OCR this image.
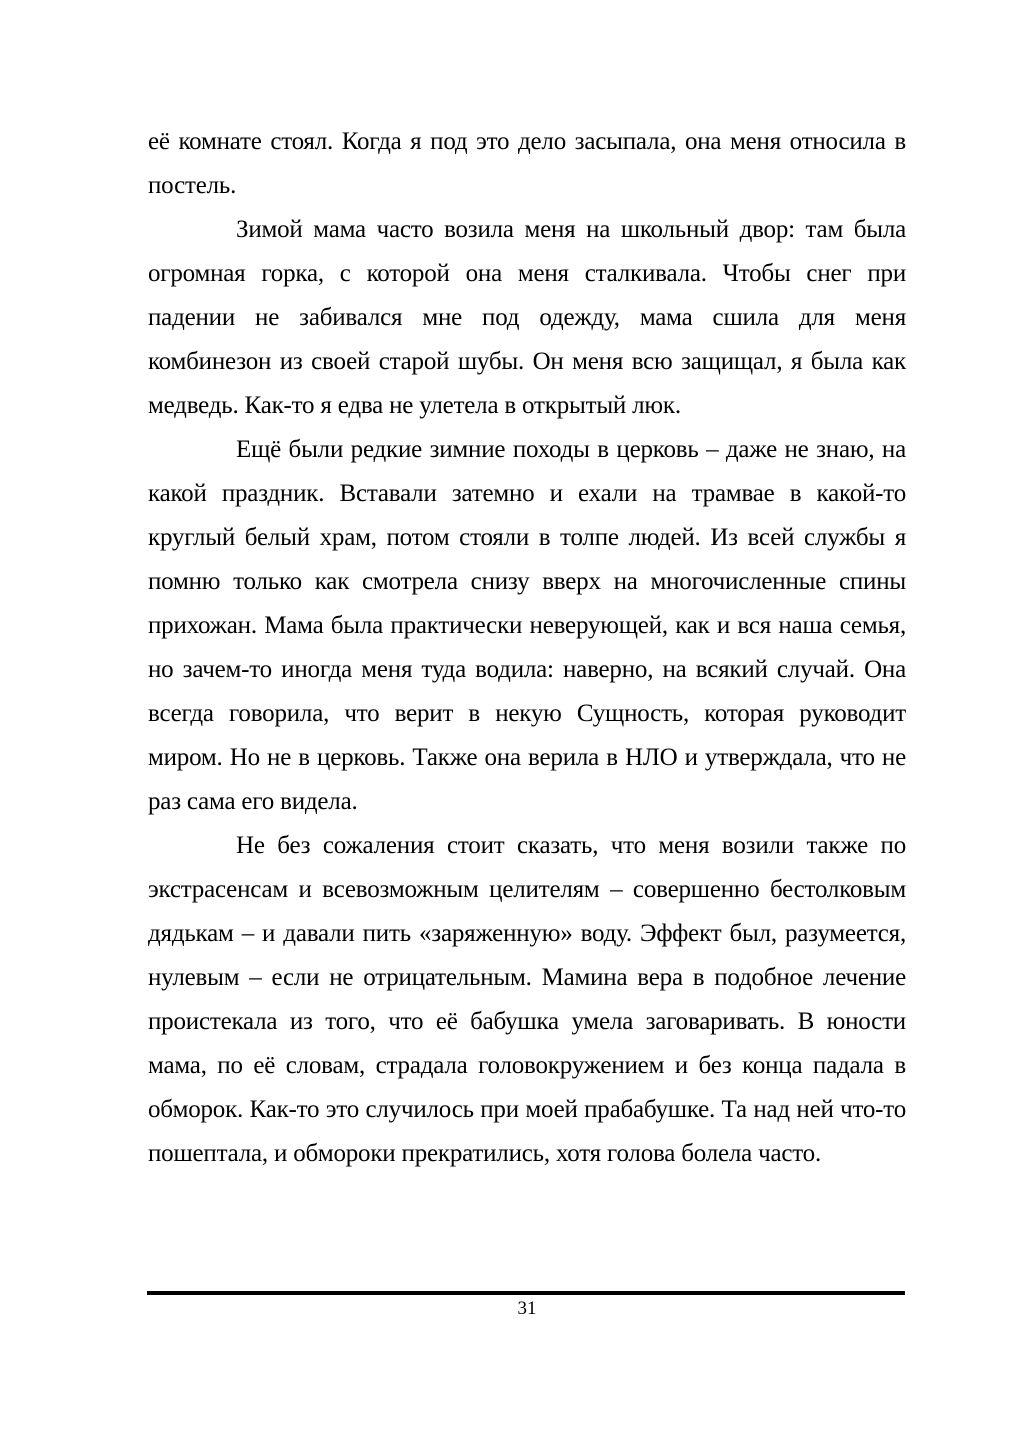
её комнате стоял. Когда я под это дело засыпала, она меня относила в постель.

Зимой мама часто возила меня на школьный двор: там была огромная горка, с которой она меня сталкивала. Чтобы снег при падении не забивался мне под одежду, мама сшила для меня комбинезон из своей старой шубы. Он меня всю защищал, я была как медведь. Как-то я едва не улетела в открытый люк.

Ещё были редкие зимние походы в церковь – даже не знаю, на какой праздник. Вставали затемно и ехали на трамвае в какой-то круглый белый храм, потом стояли в толпе людей. Из всей службы я помню только как смотрела снизу вверх на многочисленные спины прихожан. Мама была практически неверующей, как и вся наша семья, но зачем-то иногда меня туда водила: наверно, на всякий случай. Она всегда говорила, что верит в некую Сущность, которая руководит миром. Но не в церковь. Также она верила в НЛО и утверждала, что не раз сама его видела.

Не без сожаления стоит сказать, что меня возили также по экстрасенсам и всевозможным целителям – совершенно бестолковым дядькам – и давали пить «заряженную» воду. Эффект был, разумеется, нулевым – если не отрицательным. Мамина вера в подобное лечение проистекала из того, что её бабушка умела заговаривать. В юности мама, по её словам, страдала головокружением и без конца падала в обморок. Как-то это случилось при моей прабабушке. Та над ней что-то пошептала, и обмороки прекратились, хотя голова болела часто.

31
